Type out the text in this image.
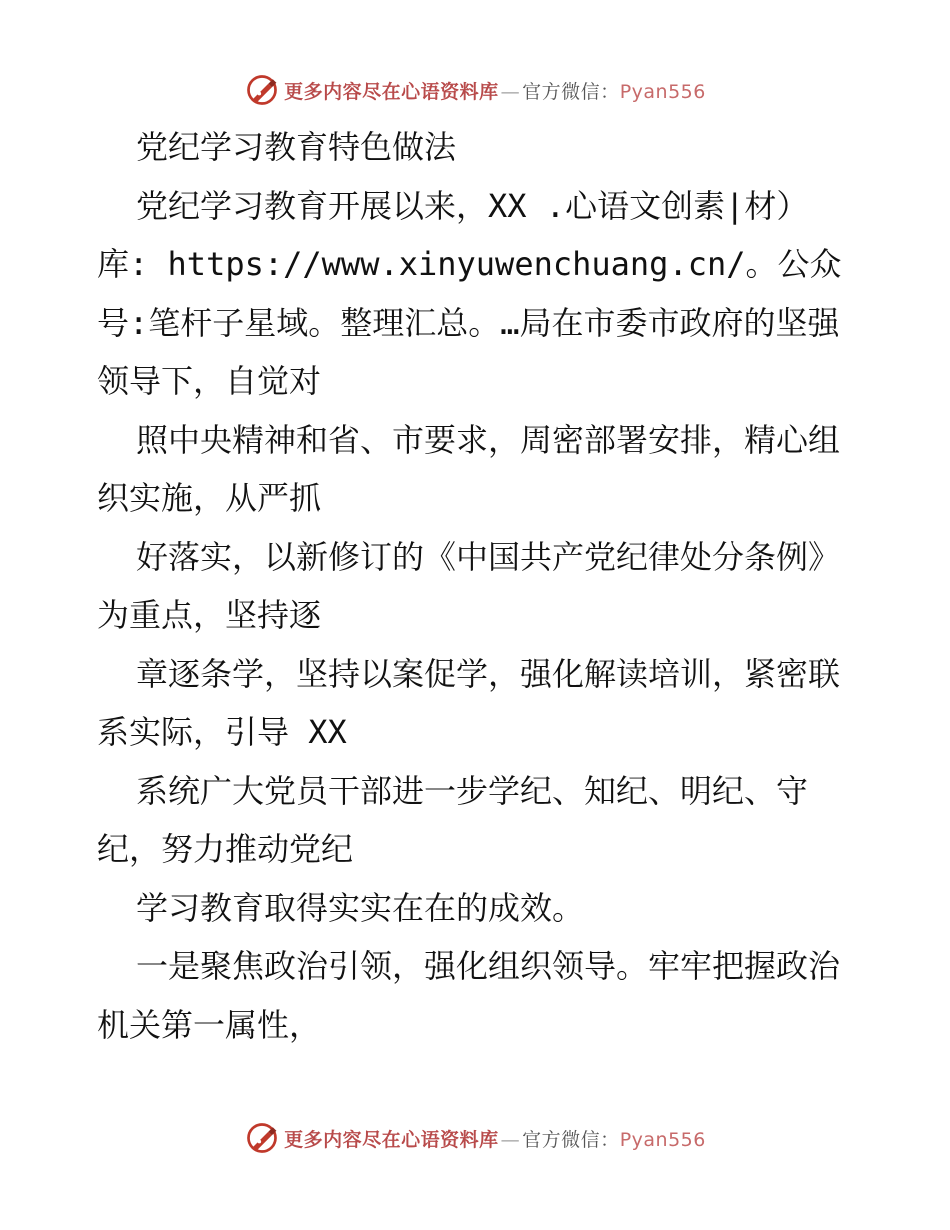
更多内容尽在心语资料库 — 官方微信：Pyan556

党纪学习教育特色做法

党纪学习教育开展以来，XX .心语文创素|材）库: https://www.xinyuwenchuang.cn/。公众号:笔杆子星域。整理汇总。…局在市委市政府的坚强领导下，自觉对

照中央精神和省、市要求，周密部署安排，精心组织实施，从严抓

好落实，以新修订的《中国共产党纪律处分条例》为重点，坚持逐

章逐条学，坚持以案促学，强化解读培训，紧密联系实际，引导 XX

系统广大党员干部进一步学纪、知纪、明纪、守纪，努力推动党纪

学习教育取得实实在在的成效。

一是聚焦政治引领，强化组织领导。牢牢把握政治机关第一属性，

更多内容尽在心语资料库 — 官方微信：Pyan556
